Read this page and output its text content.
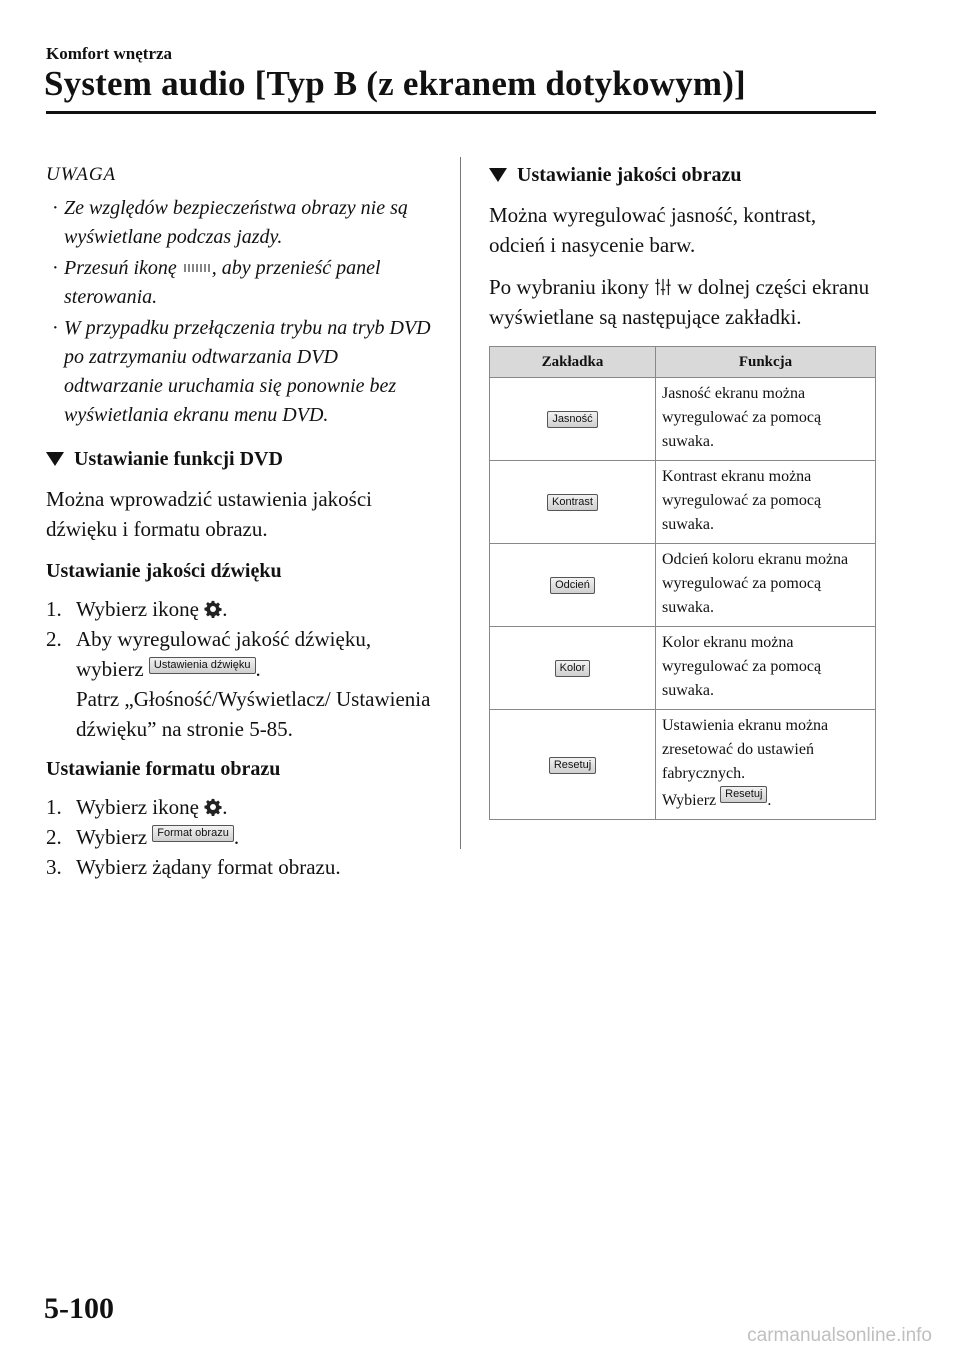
Komfort wnętrza
System audio [Typ B (z ekranem dotykowym)]
UWAGA
· Ze względów bezpieczeństwa obrazy nie są wyświetlane podczas jazdy.
· Przesuń ikonę , aby przenieść panel sterowania.
· W przypadku przełączenia trybu na tryb DVD po zatrzymaniu odtwarzania DVD odtwarzanie uruchamia się ponownie bez wyświetlania ekranu menu DVD.
Ustawianie funkcji DVD

Można wprowadzić ustawienia jakości dźwięku i formatu obrazu.

Ustawianie jakości dźwięku
1. Wybierz ikonę .
2. Aby wyregulować jakość dźwięku, wybierz Ustawienia dźwięku .
Patrz „Głośność/Wyświetlacz/ Ustawienia dźwięku” na stronie 5-85.
Ustawianie formatu obrazu
1. Wybierz ikonę .
2. Wybierz Format obrazu .
3. Wybierz żądany format obrazu.
Ustawianie jakości obrazu

Można wyregulować jasność, kontrast, odcień i nasycenie barw.

Po wybraniu ikony w dolnej części ekranu wyświetlane są następujące zakładki.

Zakładka	Funkcja
Jasność	Jasność ekranu można wyregulować za pomocą suwaka.
Kontrast	Kontrast ekranu można wyregulować za pomocą suwaka.
Odcień	Odcień koloru ekranu można wyregulować za pomocą suwaka.
Kolor	Kolor ekranu można wyregulować za pomocą suwaka.
Resetuj	Ustawienia ekranu można zresetować do ustawień fabrycznych.
Wybierz Resetuj .
5-100
carmanualsonline.info
